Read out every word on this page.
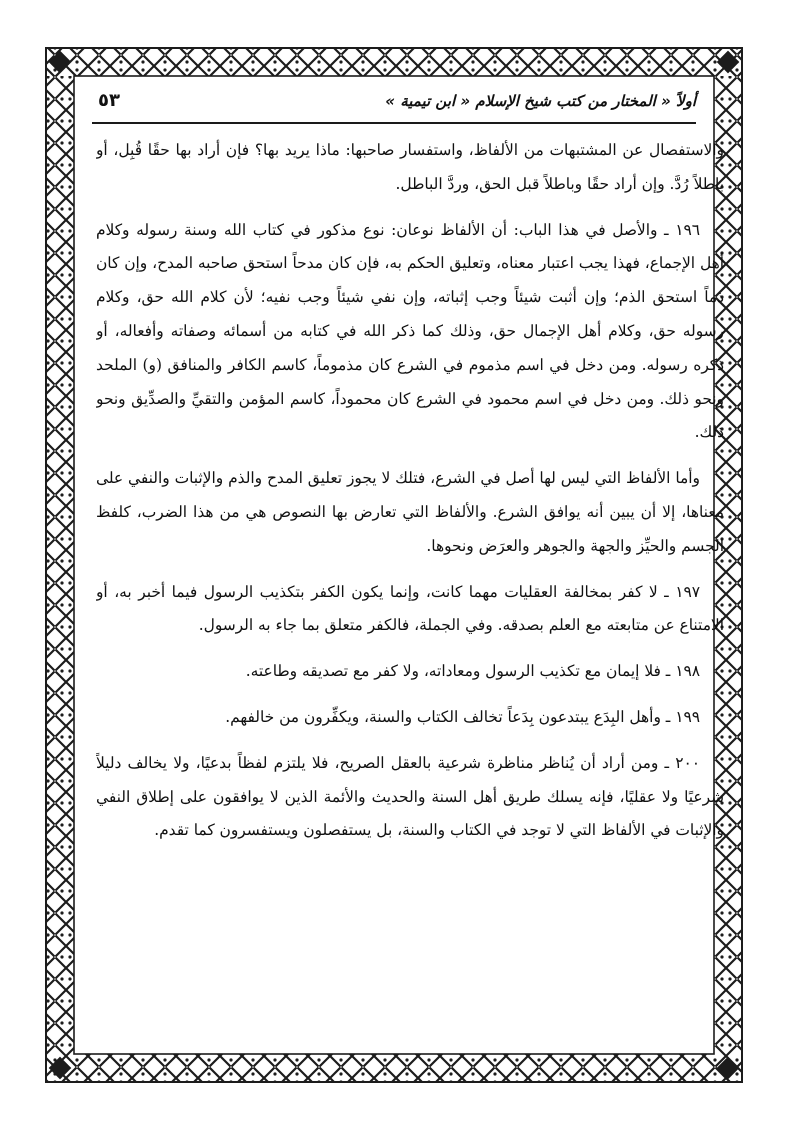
أولاً « المختار من كتب شيخ الإسلام « ابن تيمية »
٥٣

والاستفصال عن المشتبهات من الألفاظ، واستفسار صاحبها: ماذا يريد بها؟ فإن أراد بها حقًا قُبِل، أو باطلاً رُدَّ. وإن أراد حقًا وباطلاً قبل الحق، وردَّ الباطل.

١٩٦ ـ والأصل في هذا الباب: أن الألفاظ نوعان: نوع مذكور في كتاب الله وسنة رسوله وكلام أهل الإجماع، فهذا يجب اعتبار معناه، وتعليق الحكم به، فإن كان مدحاً استحق صاحبه المدح، وإن كان ذماً استحق الذم؛ وإن أثبت شيئاً وجب إثباته، وإن نفي شيئاً وجب نفيه؛ لأن كلام الله حق، وكلام رسوله حق، وكلام أهل الإجمال حق، وذلك كما ذكر الله في كتابه من أسمائه وصفاته وأفعاله، أو ذكره رسوله. ومن دخل في اسم مذموم في الشرع كان مذموماً، كاسم الكافر والمنافق (و) الملحد ونحو ذلك. ومن دخل في اسم محمود في الشرع كان محموداً، كاسم المؤمن والتقيِّ والصدِّيق ونحو ذلك.

وأما الألفاظ التي ليس لها أصل في الشرع، فتلك لا يجوز تعليق المدح والذم والإثبات والنفي على معناها، إلا أن يبين أنه يوافق الشرع. والألفاظ التي تعارض بها النصوص هي من هذا الضرب، كلفظ الجسم والحيِّز والجهة والجوهر والعرَض ونحوها.

١٩٧ ـ لا كفر بمخالفة العقليات مهما كانت، وإنما يكون الكفر بتكذيب الرسول فيما أخبر به، أو الامتناع عن متابعته مع العلم بصدقه. وفي الجملة، فالكفر متعلق بما جاء به الرسول.

١٩٨ ـ فلا إيمان مع تكذيب الرسول ومعاداته، ولا كفر مع تصديقه وطاعته.

١٩٩ ـ وأهل البِدَع يبتدعون بِدَعاً تخالف الكتاب والسنة، ويكفِّرون من خالفهم.

٢٠٠ ـ ومن أراد أن يُناظر مناظرة شرعية بالعقل الصريح، فلا يلتزم لفظاً بدعيًا، ولا يخالف دليلاً شرعيًا ولا عقليًا، فإنه يسلك طريق أهل السنة والحديث والأئمة الذين لا يوافقون على إطلاق النفي والإثبات في الألفاظ التي لا توجد في الكتاب والسنة، بل يستفصلون ويستفسرون كما تقدم.
